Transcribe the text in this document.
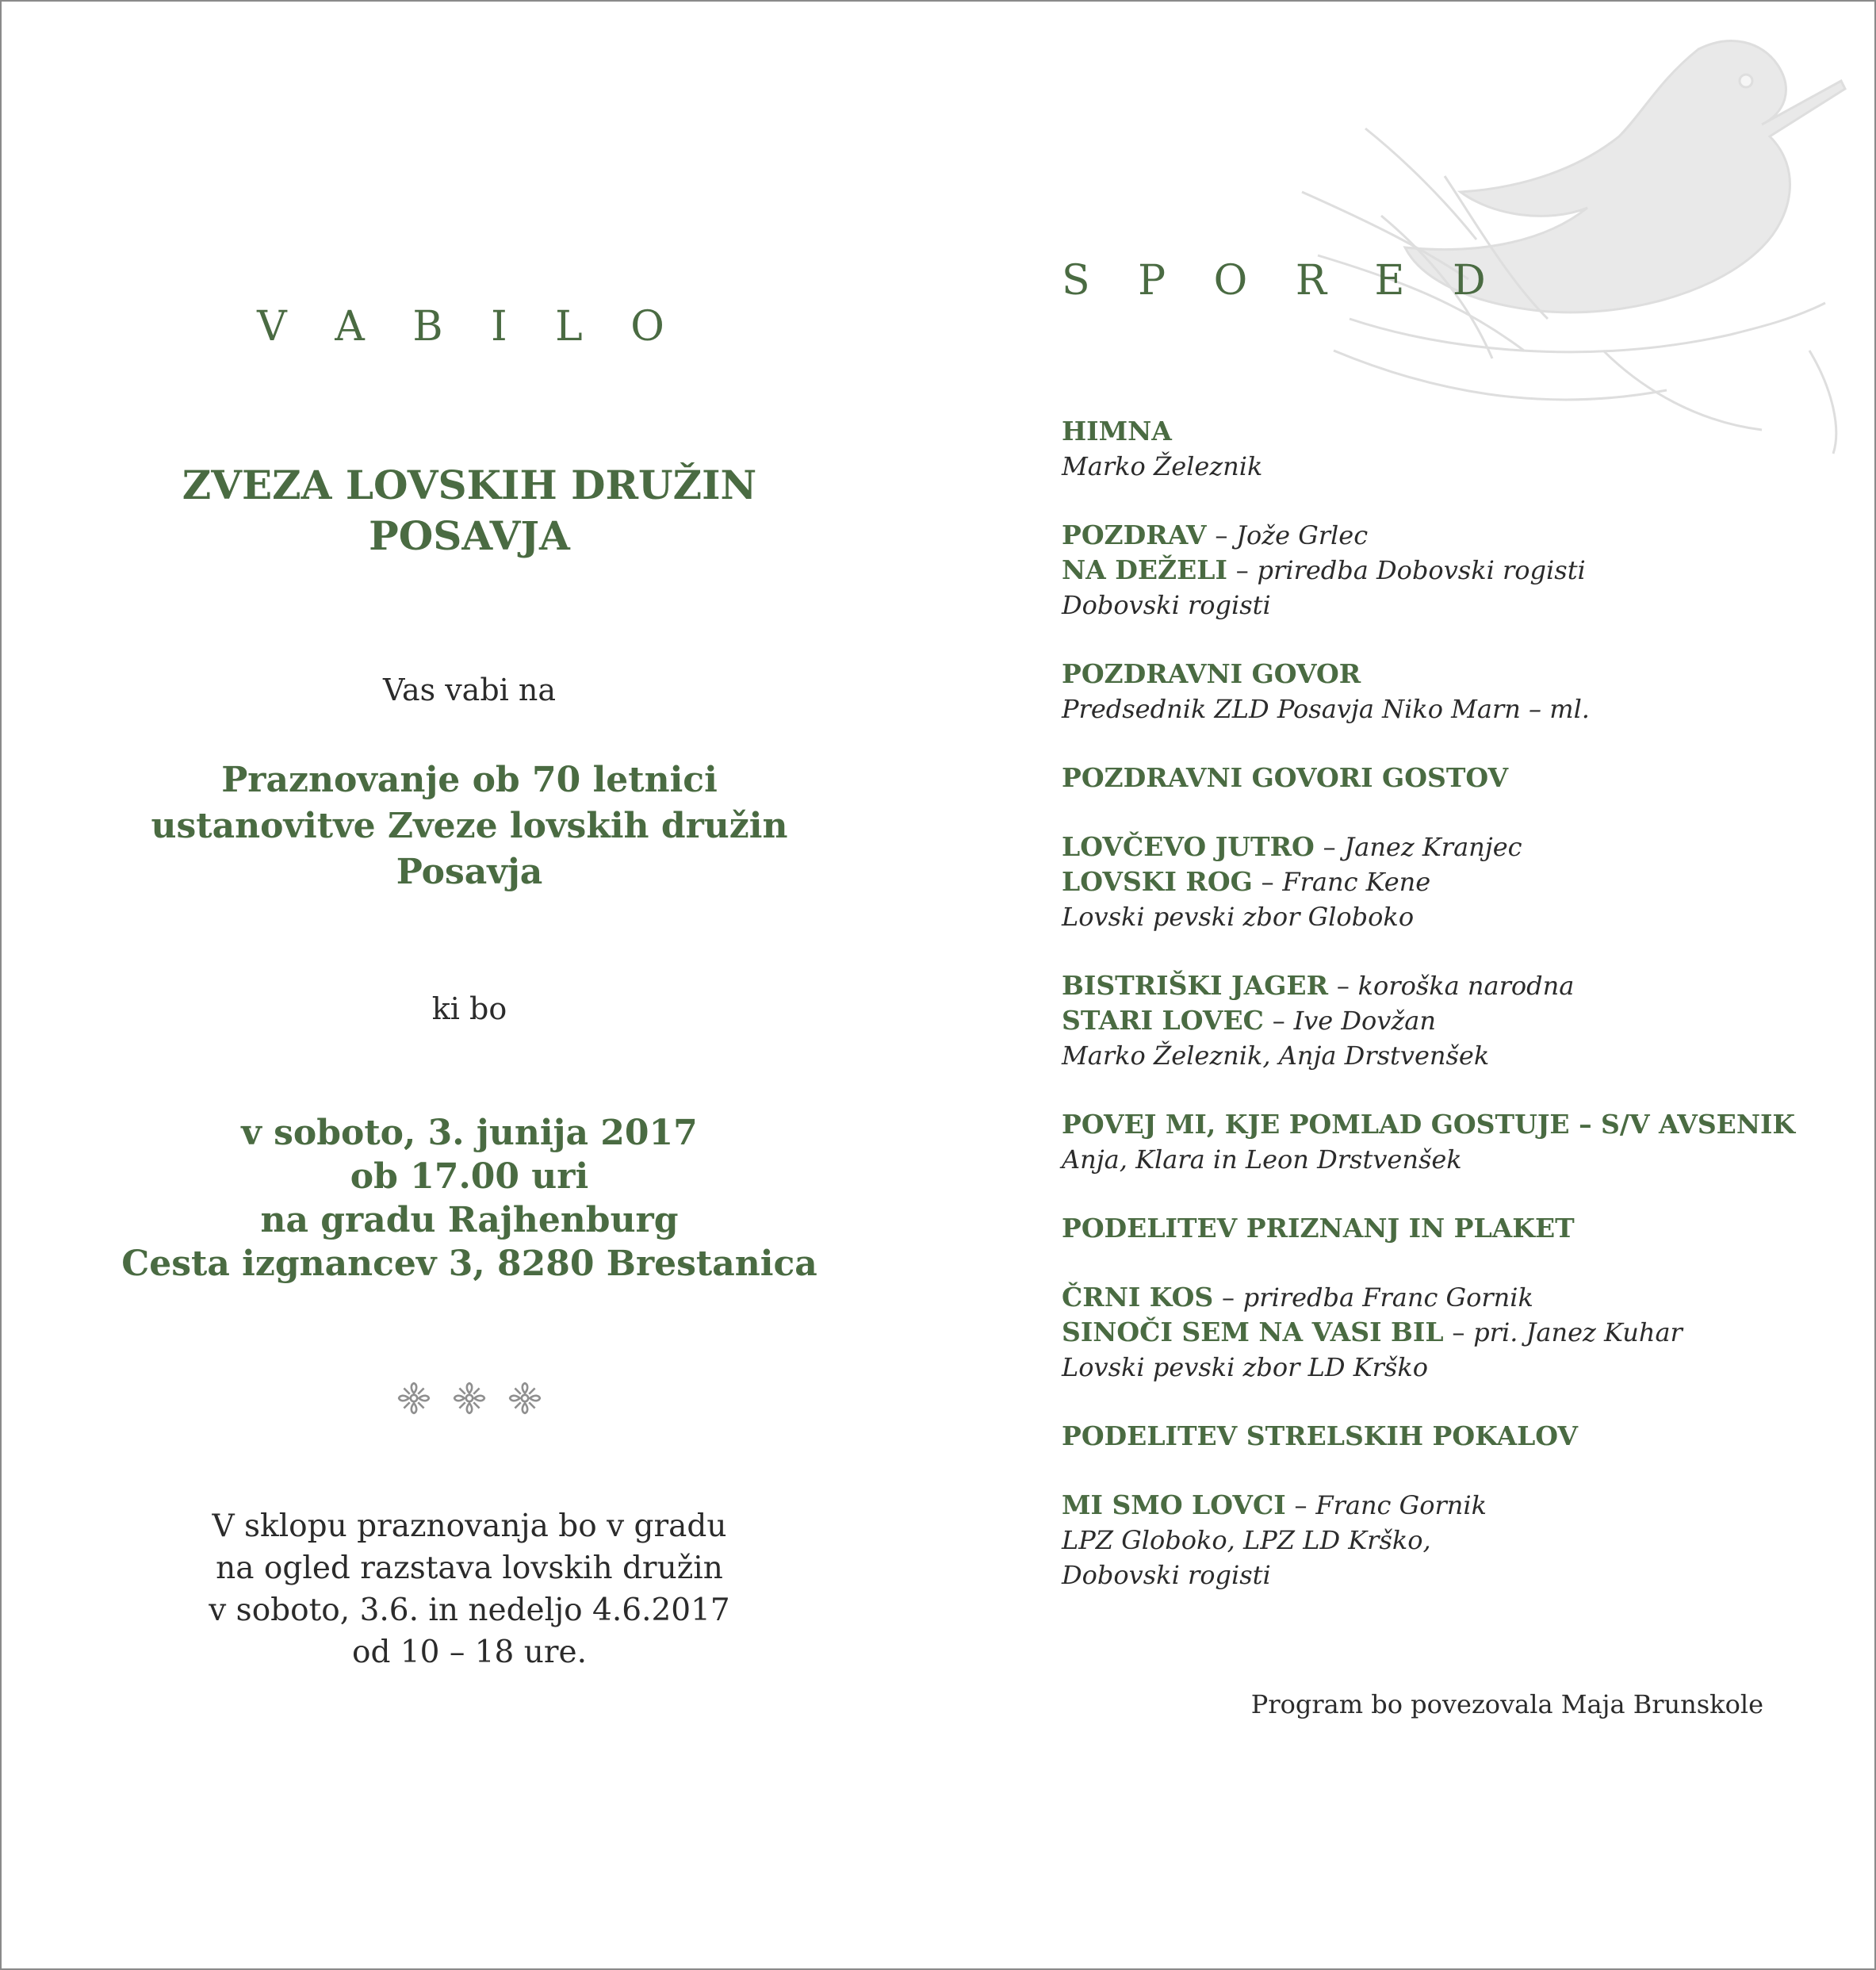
V A B I L O
ZVEZA LOVSKIH DRUŽIN
POSAVJA
Vas vabi na
Praznovanje ob 70 letnici
ustanovitve Zveze lovskih družin
Posavja
ki bo
v soboto, 3. junija 2017
ob 17.00 uri
na gradu Rajhenburg
Cesta izgnancev 3, 8280 Brestanica
V sklopu praznovanja bo v gradu
na ogled razstava lovskih družin
v soboto, 3.6. in nedeljo 4.6.2017
od 10 – 18 ure.
S P O R E D
HIMNA
Marko Železnik
POZDRAV – Jože Grlec
NA DEŽELI – priredba Dobovski rogisti
Dobovski rogisti
POZDRAVNI GOVOR
Predsednik ZLD Posavja Niko Marn – ml.
POZDRAVNI GOVORI GOSTOV
LOVČEVO JUTRO – Janez Kranjec
LOVSKI ROG – Franc Kene
Lovski pevski zbor Globoko
BISTRIŠKI JAGER – koroška narodna
STARI LOVEC – Ive Dovžan
Marko Železnik, Anja Drstvenšek
POVEJ MI, KJE POMLAD GOSTUJE – S/V AVSENIK
Anja, Klara in Leon Drstvenšek
PODELITEV PRIZNANJ IN PLAKET
ČRNI KOS – priredba Franc Gornik
SINOČI SEM NA VASI BIL – pri. Janez Kuhar
Lovski pevski zbor LD Krško
PODELITEV STRELSKIH POKALOV
MI SMO LOVCI – Franc Gornik
LPZ Globoko, LPZ LD Krško,
Dobovski rogisti
Program bo povezovala Maja Brunskole
